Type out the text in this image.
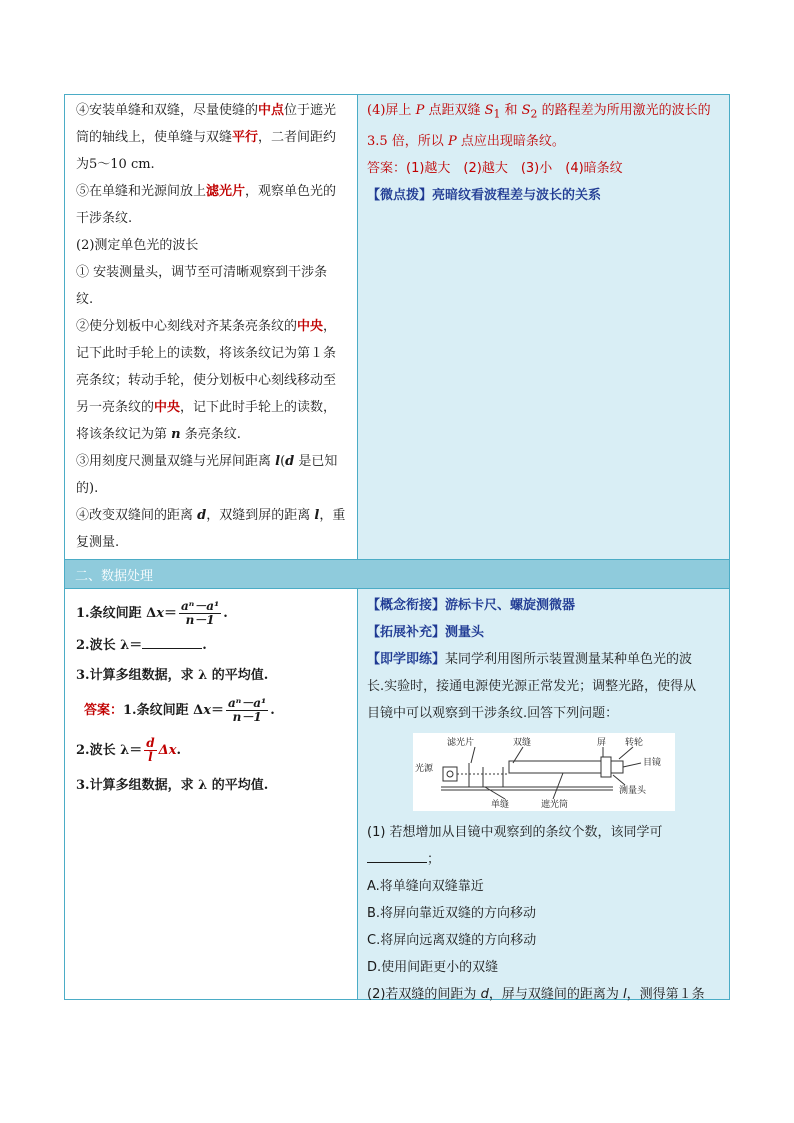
④安装单缝和双缝，尽量使缝的中点位于遮光

筒的轴线上，使单缝与双缝平行，二者间距约

为5～10 cm.

⑤在单缝和光源间放上滤光片，观察单色光的

干涉条纹.

(2)测定单色光的波长

① 安装测量头，调节至可清晰观察到干涉条

纹.

②使分划板中心刻线对齐某条亮条纹的中央，

记下此时手轮上的读数，将该条纹记为第１条

亮条纹；转动手轮，使分划板中心刻线移动至

另一亮条纹的中央，记下此时手轮上的读数，

将该条纹记为第 n 条亮条纹.

③用刻度尺测量双缝与光屏间距离 l(d 是已知

的).

④改变双缝间的距离 d，双缝到屏的距离 l，重

复测量.

(4)屏上 P 点距双缝 $S_1$ 和 $S_2$ 的路程差为所用激光的波长的

3.5 倍，所以 P 点应出现暗条纹。

答案：(1)越大　(2)越大　(3)小　(4)暗条纹

【微点拨】亮暗纹看波程差与波长的关系

二、数据处理

1.条纹间距 $\Delta x= \frac{\text{aⁿ－a¹}}{n-1}$ .

2.波长 λ＝	.

3.计算多组数据，求 λ 的平均值.

答案：1.条纹间距 $\Delta x= \frac{\text{aⁿ－a¹}}{n-1}$ .

2.波长 $\lambda= \frac{d}{l} \Delta x$.

3.计算多组数据，求 λ 的平均值.

【概念衔接】游标卡尺、螺旋测微器

【拓展补充】测量头

【即学即练】某同学利用图所示装置测量某种单色光的波

长.实验时，接通电源使光源正常发光；调整光路，使得从

目镜中可以观察到干涉条纹.回答下列问题：

滤光片	双缝	屏 转轮
光源
目镜
测量头
单缝	遮光筒

(1) 若想增加从目镜中观察到的条纹个数，该同学可

；

A.将单缝向双缝靠近

B.将屏向靠近双缝的方向移动

C.将屏向远离双缝的方向移动

D.使用间距更小的双缝

(2)若双缝的间距为 d，屏与双缝间的距离为 l，测得第１条
